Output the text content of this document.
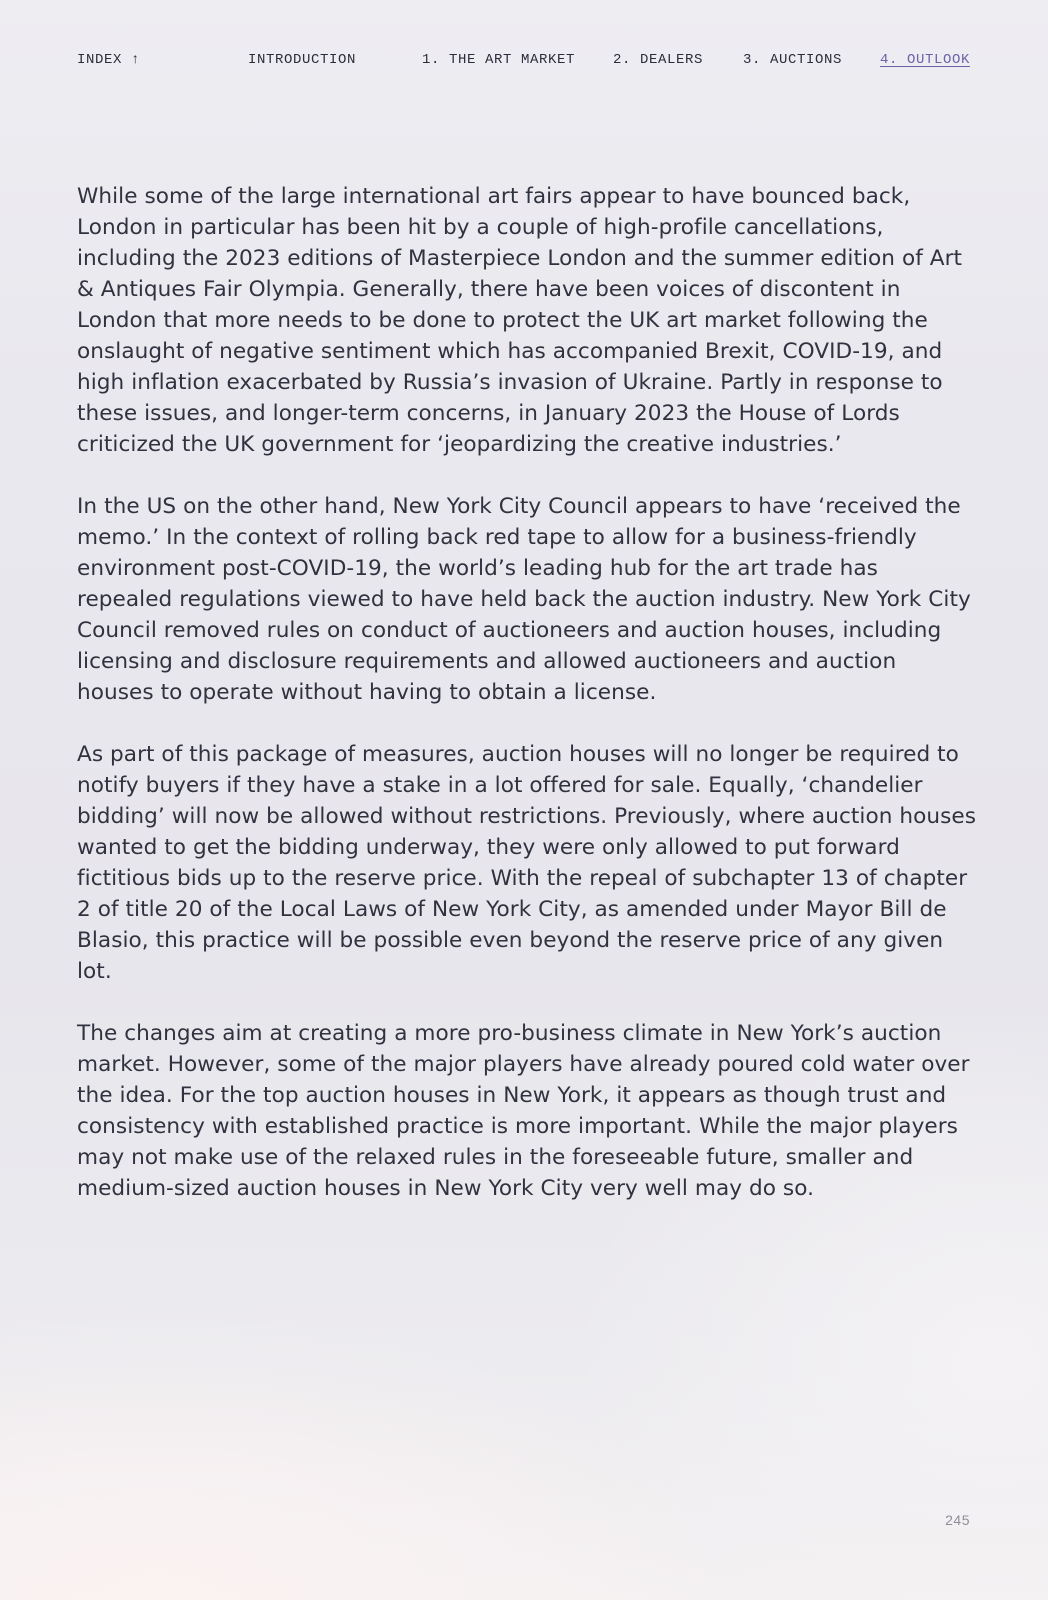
INDEX ↑	INTRODUCTION	1. THE ART MARKET	2. DEALERS	3. AUCTIONS	4. OUTLOOK

While some of the large international art fairs appear to have bounced back, London in particular has been hit by a couple of high-profile cancellations, including the 2023 editions of Masterpiece London and the summer edition of Art & Antiques Fair Olympia. Generally, there have been voices of discontent in London that more needs to be done to protect the UK art market following the onslaught of negative sentiment which has accompanied Brexit, COVID-19, and high inflation exacerbated by Russia’s invasion of Ukraine. Partly in response to these issues, and longer-term concerns, in January 2023 the House of Lords criticized the UK government for ‘jeopardizing the creative industries.’

In the US on the other hand, New York City Council appears to have ‘received the memo.’ In the context of rolling back red tape to allow for a business-friendly environment post-COVID-19, the world’s leading hub for the art trade has repealed regulations viewed to have held back the auction industry. New York City Council removed rules on conduct of auctioneers and auction houses, including licensing and disclosure requirements and allowed auctioneers and auction houses to operate without having to obtain a license.

As part of this package of measures, auction houses will no longer be required to notify buyers if they have a stake in a lot offered for sale. Equally, ‘chandelier bidding’ will now be allowed without restrictions. Previously, where auction houses wanted to get the bidding underway, they were only allowed to put forward fictitious bids up to the reserve price. With the repeal of subchapter 13 of chapter 2 of title 20 of the Local Laws of New York City, as amended under Mayor Bill de Blasio, this practice will be possible even beyond the reserve price of any given lot.

The changes aim at creating a more pro-business climate in New York’s auction market. However, some of the major players have already poured cold water over the idea. For the top auction houses in New York, it appears as though trust and consistency with established practice is more important. While the major players may not make use of the relaxed rules in the foreseeable future, smaller and medium-sized auction houses in New York City very well may do so.

245
